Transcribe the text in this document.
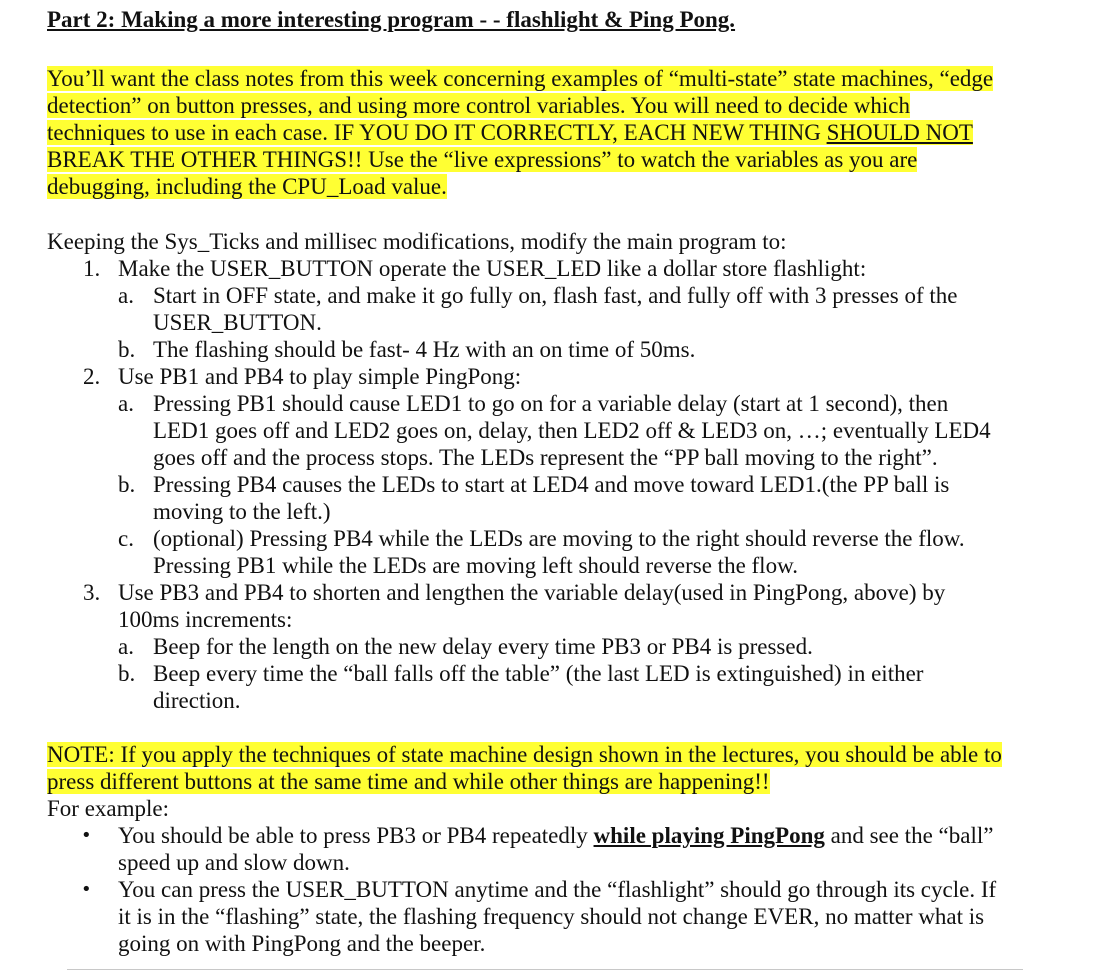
Part 2: Making a more interesting program - - flashlight & Ping Pong.
You’ll want the class notes from this week concerning examples of “multi-state” state machines, “edge
detection” on button presses, and using more control variables. You will need to decide which
techniques to use in each case. IF YOU DO IT CORRECTLY, EACH NEW THING SHOULD NOT
BREAK THE OTHER THINGS!! Use the “live expressions” to watch the variables as you are
debugging, including the CPU_Load value.
Keeping the Sys_Ticks and millisec modifications, modify the main program to:
1. Make the USER_BUTTON operate the USER_LED like a dollar store flashlight:
a. Start in OFF state, and make it go fully on, flash fast, and fully off with 3 presses of the
USER_BUTTON.
b. The flashing should be fast- 4 Hz with an on time of 50ms.
2. Use PB1 and PB4 to play simple PingPong:
a. Pressing PB1 should cause LED1 to go on for a variable delay (start at 1 second), then
LED1 goes off and LED2 goes on, delay, then LED2 off & LED3 on, …; eventually LED4
goes off and the process stops. The LEDs represent the “PP ball moving to the right”.
b. Pressing PB4 causes the LEDs to start at LED4 and move toward LED1.(the PP ball is
moving to the left.)
c. (optional) Pressing PB4 while the LEDs are moving to the right should reverse the flow.
Pressing PB1 while the LEDs are moving left should reverse the flow.
3. Use PB3 and PB4 to shorten and lengthen the variable delay(used in PingPong, above) by
100ms increments:
a. Beep for the length on the new delay every time PB3 or PB4 is pressed.
b. Beep every time the “ball falls off the table” (the last LED is extinguished) in either
direction.
NOTE: If you apply the techniques of state machine design shown in the lectures, you should be able to
press different buttons at the same time and while other things are happening!!
For example:
• You should be able to press PB3 or PB4 repeatedly while playing PingPong and see the “ball”
speed up and slow down.
• You can press the USER_BUTTON anytime and the “flashlight” should go through its cycle. If
it is in the “flashing” state, the flashing frequency should not change EVER, no matter what is
going on with PingPong and the beeper.
